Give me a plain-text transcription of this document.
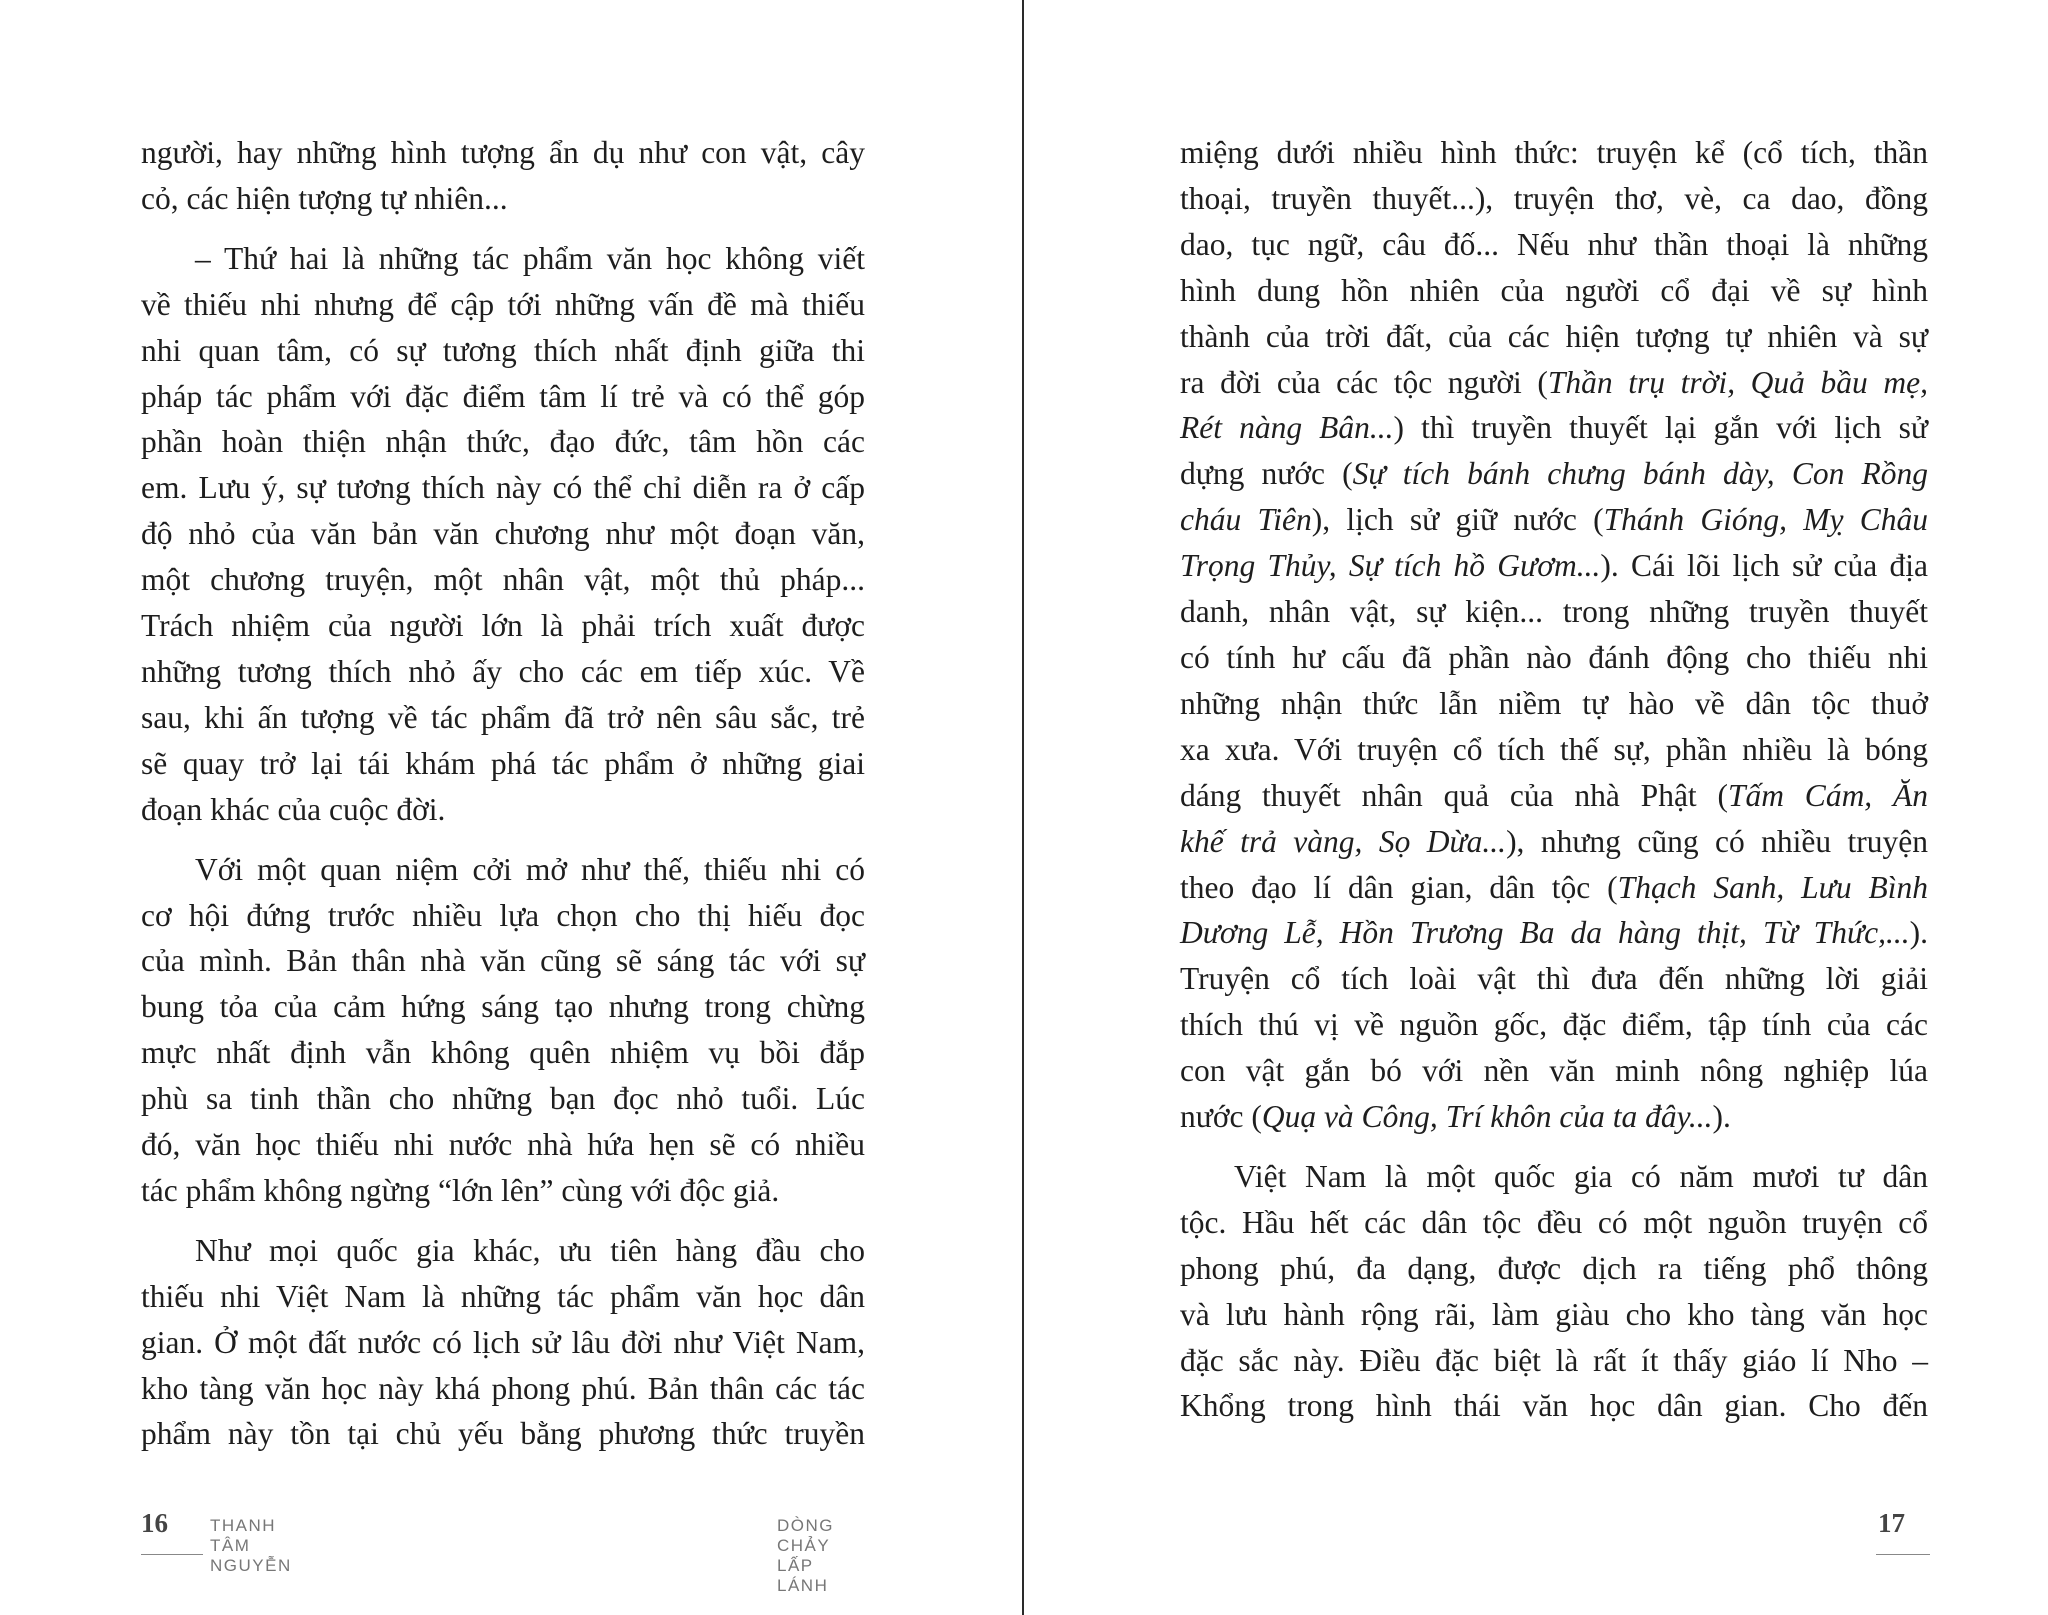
người, hay những hình tượng ẩn dụ như con vật, cây
cỏ, các hiện tượng tự nhiên...
– Thứ hai là những tác phẩm văn học không viết
về thiếu nhi nhưng để cập tới những vấn đề mà thiếu
nhi quan tâm, có sự tương thích nhất định giữa thi
pháp tác phẩm với đặc điểm tâm lí trẻ và có thể góp
phần hoàn thiện nhận thức, đạo đức, tâm hồn các
em. Lưu ý, sự tương thích này có thể chỉ diễn ra ở cấp
độ nhỏ của văn bản văn chương như một đoạn văn,
một chương truyện, một nhân vật, một thủ pháp...
Trách nhiệm của người lớn là phải trích xuất được
những tương thích nhỏ ấy cho các em tiếp xúc. Về
sau, khi ấn tượng về tác phẩm đã trở nên sâu sắc, trẻ
sẽ quay trở lại tái khám phá tác phẩm ở những giai
đoạn khác của cuộc đời.
Với một quan niệm cởi mở như thế, thiếu nhi có
cơ hội đứng trước nhiều lựa chọn cho thị hiếu đọc
của mình. Bản thân nhà văn cũng sẽ sáng tác với sự
bung tỏa của cảm hứng sáng tạo nhưng trong chừng
mực nhất định vẫn không quên nhiệm vụ bồi đắp
phù sa tinh thần cho những bạn đọc nhỏ tuổi. Lúc
đó, văn học thiếu nhi nước nhà hứa hẹn sẽ có nhiều
tác phẩm không ngừng “lớn lên” cùng với độc giả.
Như mọi quốc gia khác, ưu tiên hàng đầu cho
thiếu nhi Việt Nam là những tác phẩm văn học dân
gian. Ở một đất nước có lịch sử lâu đời như Việt Nam,
kho tàng văn học này khá phong phú. Bản thân các tác
phẩm này tồn tại chủ yếu bằng phương thức truyền
16 THANH TÂM NGUYỄN
miệng dưới nhiều hình thức: truyện kể (cổ tích, thần
thoại, truyền thuyết...), truyện thơ, vè, ca dao, đồng
dao, tục ngữ, câu đố... Nếu như thần thoại là những
hình dung hồn nhiên của người cổ đại về sự hình
thành của trời đất, của các hiện tượng tự nhiên và sự
ra đời của các tộc người (Thần trụ trời, Quả bầu mẹ,
Rét nàng Bân...) thì truyền thuyết lại gắn với lịch sử
dựng nước (Sự tích bánh chưng bánh dày, Con Rồng
cháu Tiên), lịch sử giữ nước (Thánh Gióng, Mỵ Châu
Trọng Thủy, Sự tích hồ Gươm...). Cái lõi lịch sử của địa
danh, nhân vật, sự kiện... trong những truyền thuyết
có tính hư cấu đã phần nào đánh động cho thiếu nhi
những nhận thức lẫn niềm tự hào về dân tộc thuở
xa xưa. Với truyện cổ tích thế sự, phần nhiều là bóng
dáng thuyết nhân quả của nhà Phật (Tấm Cám, Ăn
khế trả vàng, Sọ Dừa...), nhưng cũng có nhiều truyện
theo đạo lí dân gian, dân tộc (Thạch Sanh, Lưu Bình
Dương Lễ, Hồn Trương Ba da hàng thịt, Từ Thức,...).
Truyện cổ tích loài vật thì đưa đến những lời giải
thích thú vị về nguồn gốc, đặc điểm, tập tính của các
con vật gắn bó với nền văn minh nông nghiệp lúa
nước (Quạ và Công, Trí khôn của ta đây...).
Việt Nam là một quốc gia có năm mươi tư dân
tộc. Hầu hết các dân tộc đều có một nguồn truyện cổ
phong phú, đa dạng, được dịch ra tiếng phổ thông
và lưu hành rộng rãi, làm giàu cho kho tàng văn học
đặc sắc này. Điều đặc biệt là rất ít thấy giáo lí Nho –
Khổng trong hình thái văn học dân gian. Cho đến
DÒNG CHẢY LẤP LÁNH
17
